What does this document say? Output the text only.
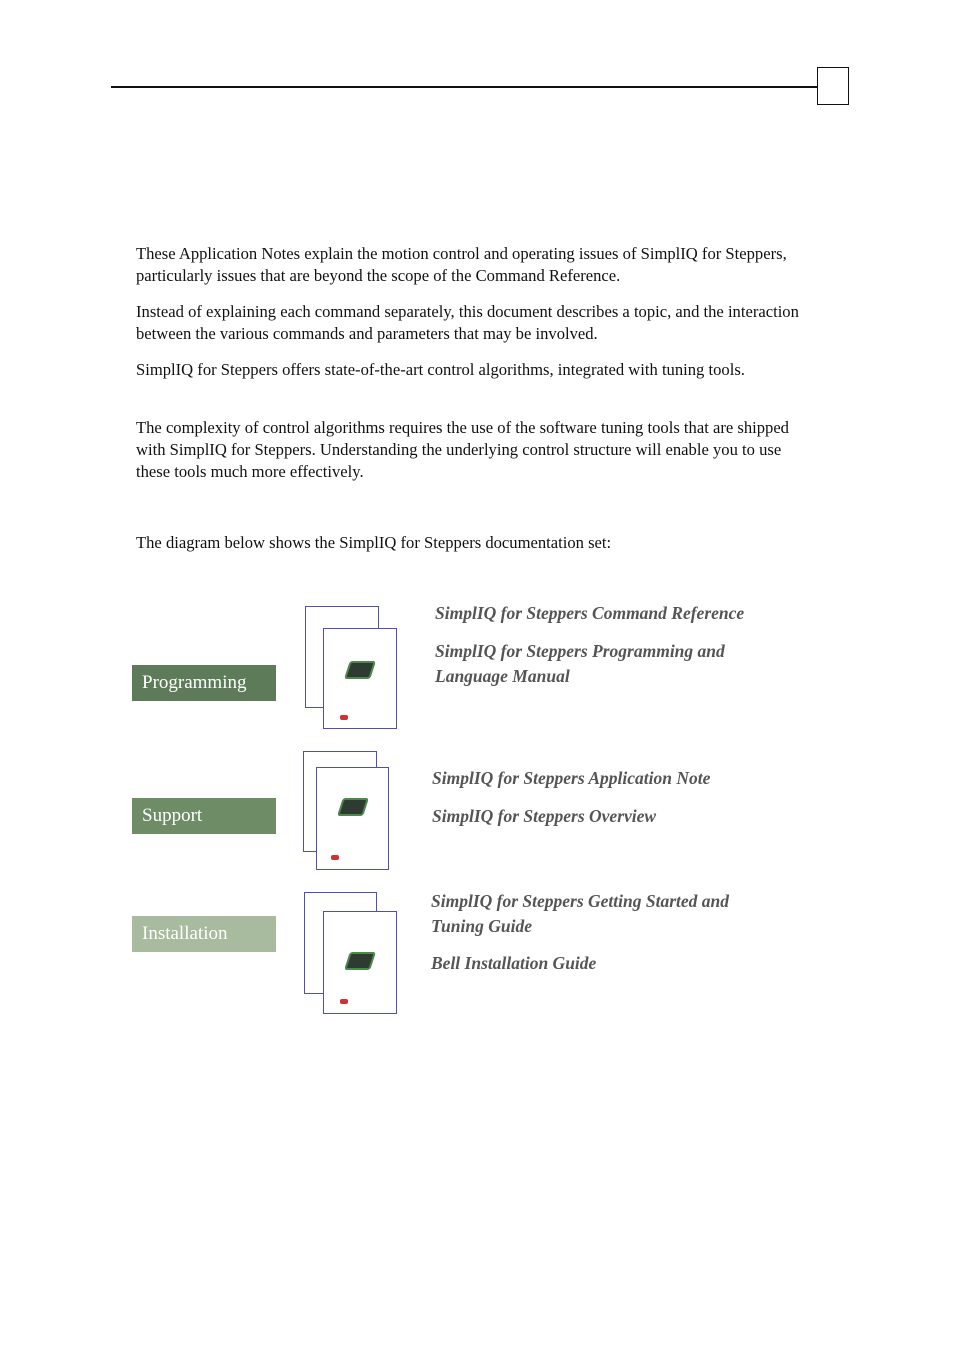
These Application Notes explain the motion control and operating issues of SimplIQ for Steppers, particularly issues that are beyond the scope of the Command Reference.

Instead of explaining each command separately, this document describes a topic, and the interaction between the various commands and parameters that may be involved.

SimplIQ for Steppers offers state-of-the-art control algorithms, integrated with tuning tools.

The complexity of control algorithms requires the use of the software tuning tools that are shipped with SimplIQ for Steppers. Understanding the underlying control structure will enable you to use these tools much more effectively.

The diagram below shows the SimplIQ for Steppers documentation set:

Programming

SimplIQ for Steppers Command Reference

SimplIQ for Steppers Programming and

Language Manual

Support

SimplIQ for Steppers Application Note

SimplIQ for Steppers Overview

Installation

SimplIQ for Steppers Getting Started and

Tuning Guide

Bell Installation Guide
